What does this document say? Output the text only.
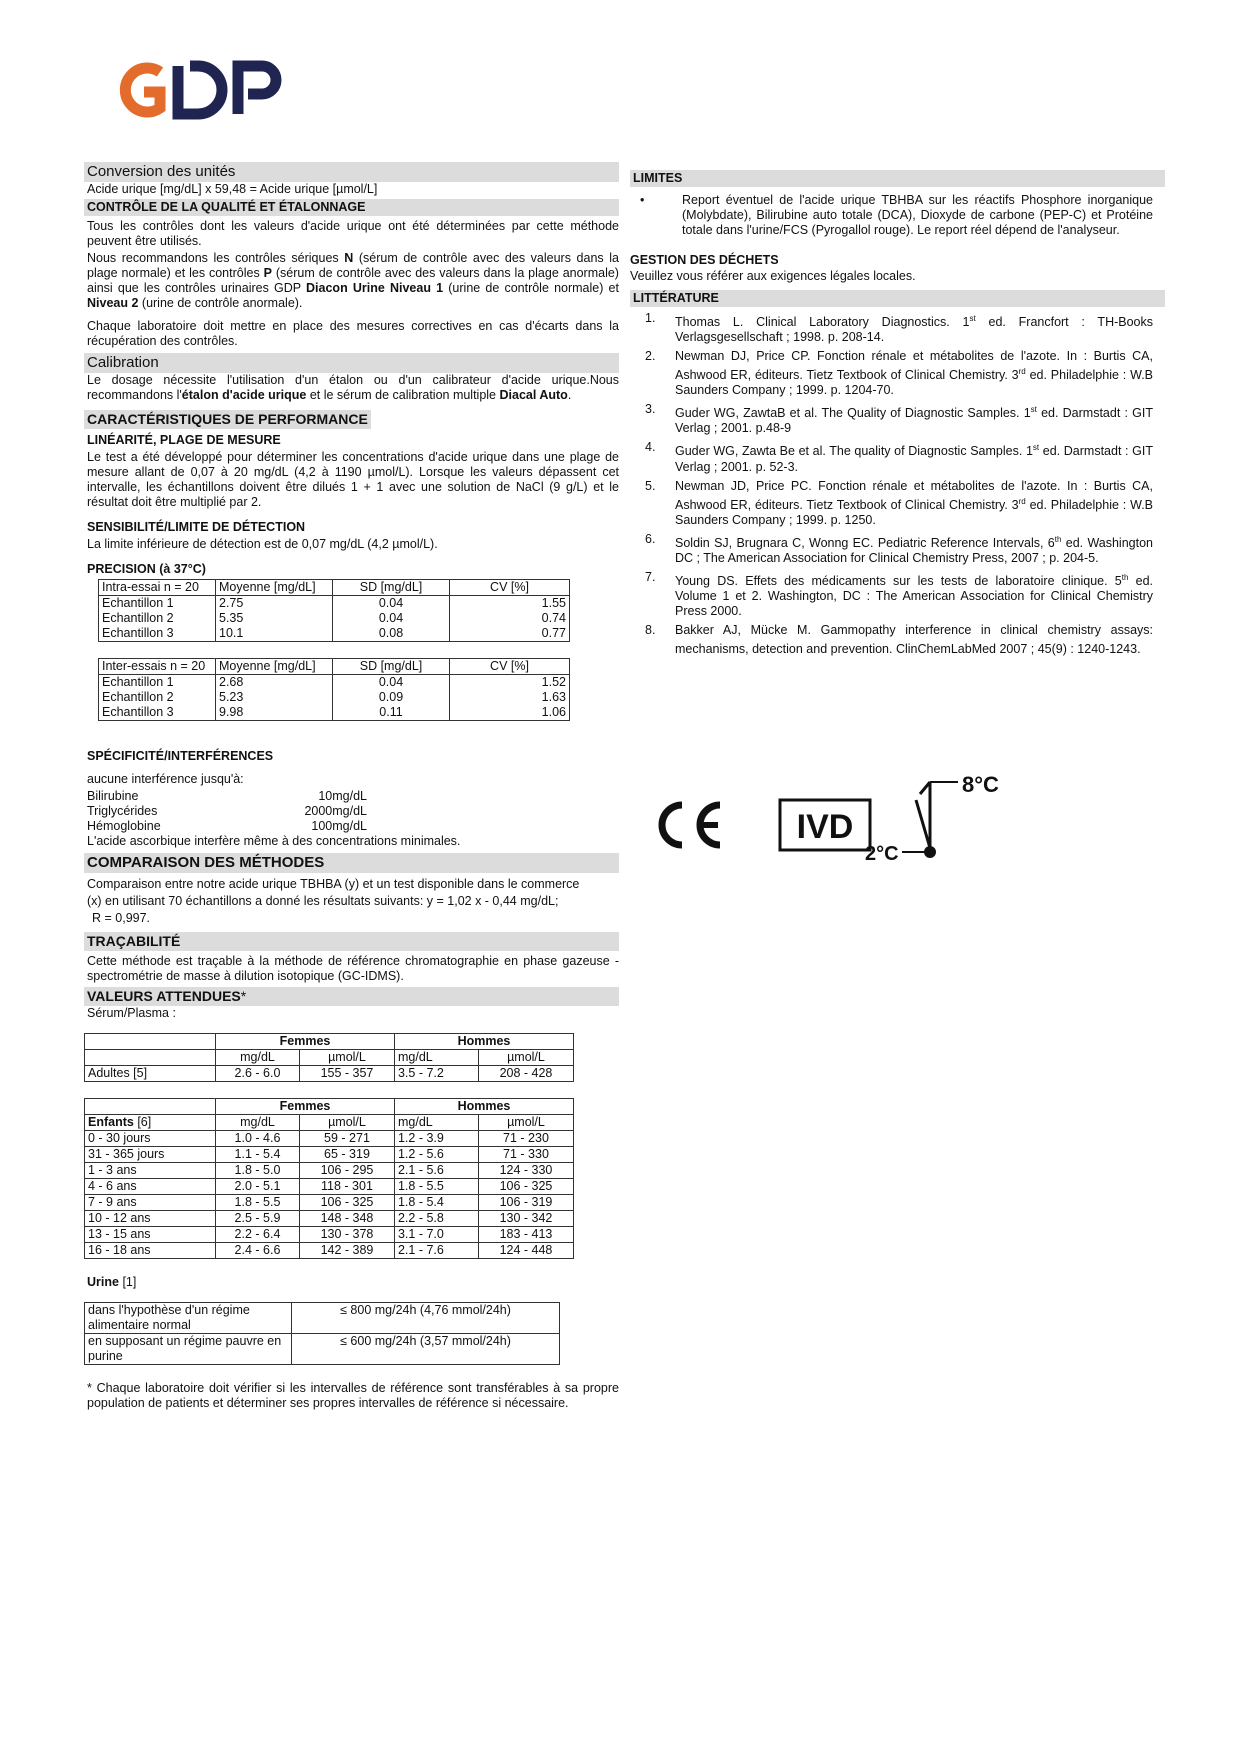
Conversion des unités

Acide urique [mg/dL] x 59,48 = Acide urique [µmol/L]

CONTRÔLE DE LA QUALITÉ ET ÉTALONNAGE

Tous les contrôles dont les valeurs d'acide urique ont été déterminées par cette méthode peuvent être utilisés.

Nous recommandons les contrôles sériques N (sérum de contrôle avec des valeurs dans la plage normale) et les contrôles P (sérum de contrôle avec des valeurs dans la plage anormale) ainsi que les contrôles urinaires GDP Diacon Urine Niveau 1 (urine de contrôle normale) et Niveau 2 (urine de contrôle anormale).

Chaque laboratoire doit mettre en place des mesures correctives en cas d'écarts dans la récupération des contrôles.

Calibration

Le dosage nécessite l'utilisation d'un étalon ou d'un calibrateur d'acide urique.Nous recommandons l'étalon d'acide urique et le sérum de calibration multiple Diacal Auto.

CARACTÉRISTIQUES DE PERFORMANCE
LINÉARITÉ, PLAGE DE MESURE

Le test a été développé pour déterminer les concentrations d'acide urique dans une plage de mesure allant de 0,07 à 20 mg/dL (4,2 à 1190 µmol/L). Lorsque les valeurs dépassent cet intervalle, les échantillons doivent être dilués 1 + 1 avec une solution de NaCl (9 g/L) et le résultat doit être multiplié par 2.

SENSIBILITÉ/LIMITE DE DÉTECTION

La limite inférieure de détection est de 0,07 mg/dL (4,2 µmol/L).

PRECISION (à 37°C)
Intra-essai n = 20	Moyenne [mg/dL]	SD [mg/dL]	CV [%]
Echantillon 1	2.75	0.04	1.55
Echantillon 2	5.35	0.04	0.74
Echantillon 3	10.1	0.08	0.77
Inter-essais n = 20	Moyenne [mg/dL]	SD [mg/dL]	CV [%]
Echantillon 1	2.68	0.04	1.52
Echantillon 2	5.23	0.09	1.63
Echantillon 3	9.98	0.11	1.06
SPÉCIFICITÉ/INTERFÉRENCES

aucune interférence jusqu'à:

Bilirubine	10mg/dL
Triglycérides	2000mg/dL
Hémoglobine	100mg/dL

L'acide ascorbique interfère même à des concentrations minimales.

COMPARAISON DES MÉTHODES

Comparaison entre notre acide urique TBHBA (y) et un test disponible dans le commerce

(x) en utilisant 70 échantillons a donné les résultats suivants: y = 1,02 x - 0,44 mg/dL;

R = 0,997.

TRAÇABILITÉ

Cette méthode est traçable à la méthode de référence chromatographie en phase gazeuse - spectrométrie de masse à dilution isotopique (GC-IDMS).

VALEURS ATTENDUES*

Sérum/Plasma :

	Femmes		Hommes	
	mg/dL	µmol/L	mg/dL	µmol/L
Adultes [5]	2.6 - 6.0	155 - 357	3.5 - 7.2	208 - 428
	Femmes		Hommes	
Enfants [6]	mg/dL	µmol/L	mg/dL	µmol/L
0 - 30 jours	1.0 - 4.6	59 - 271	1.2 - 3.9	71 - 230
31 - 365 jours	1.1 - 5.4	65 - 319	1.2 - 5.6	71 - 330
1 - 3 ans	1.8 - 5.0	106 - 295	2.1 - 5.6	124 - 330
4 - 6 ans	2.0 - 5.1	118 - 301	1.8 - 5.5	106 - 325
7 - 9 ans	1.8 - 5.5	106 - 325	1.8 - 5.4	106 - 319
10 - 12 ans	2.5 - 5.9	148 - 348	2.2 - 5.8	130 - 342
13 - 15 ans	2.2 - 6.4	130 - 378	3.1 - 7.0	183 - 413
16 - 18 ans	2.4 - 6.6	142 - 389	2.1 - 7.6	124 - 448

Urine [1]

dans l'hypothèse d'un régime alimentaire normal	≤ 800 mg/24h (4,76 mmol/24h)
en supposant un régime pauvre en purine	≤ 600 mg/24h (3,57 mmol/24h)

* Chaque laboratoire doit vérifier si les intervalles de référence sont transférables à sa propre population de patients et déterminer ses propres intervalles de référence si nécessaire.

LIMITES
•	Report éventuel de l'acide urique TBHBA sur les réactifs Phosphore inorganique (Molybdate), Bilirubine auto totale (DCA), Dioxyde de carbone (PEP-C) et Protéine totale dans l'urine/FCS (Pyrogallol rouge). Le report réel dépend de l'analyseur.
GESTION DES DÉCHETS

Veuillez vous référer aux exigences légales locales.

LITTÉRATURE
1.	Thomas L. Clinical Laboratory Diagnostics. 1st ed. Francfort : TH-Books Verlagsgesellschaft ; 1998. p. 208-14.
2.	Newman DJ, Price CP. Fonction rénale et métabolites de l'azote. In : Burtis CA, Ashwood ER, éditeurs. Tietz Textbook of Clinical Chemistry. 3rd ed. Philadelphie : W.B Saunders Company ; 1999. p. 1204-70.
3.	Guder WG, ZawtaB et al. The Quality of Diagnostic Samples. 1st ed. Darmstadt : GIT Verlag ; 2001. p.48-9
4.	Guder WG, Zawta Be et al. The quality of Diagnostic Samples. 1st ed. Darmstadt : GIT Verlag ; 2001. p. 52-3.
5.	Newman JD, Price PC. Fonction rénale et métabolites de l'azote. In : Burtis CA, Ashwood ER, éditeurs. Tietz Textbook of Clinical Chemistry. 3rd ed. Philadelphie : W.B Saunders Company ; 1999. p. 1250.
6.	Soldin SJ, Brugnara C, Wonng EC. Pediatric Reference Intervals, 6th ed. Washington DC ; The American Association for Clinical Chemistry Press, 2007 ; p. 204-5.
7.	Young DS. Effets des médicaments sur les tests de laboratoire clinique. 5th ed. Volume 1 et 2. Washington, DC : The American Association for Clinical Chemistry Press 2000.
8.	Bakker AJ, Mücke M. Gammopathy interference in clinical chemistry assays: mechanisms, detection and prevention. ClinChemLabMed 2007 ; 45(9) : 1240-1243.
IVD
8°C
2°C
